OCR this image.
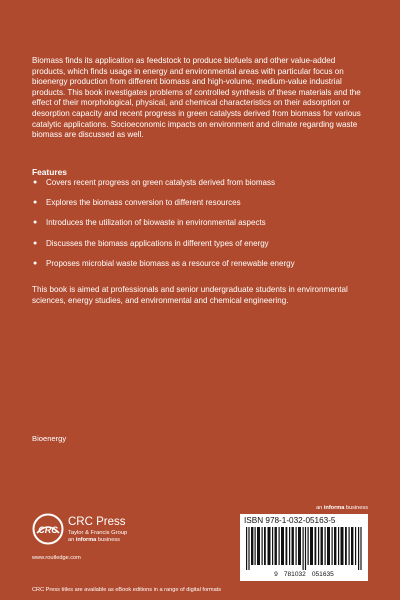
Biomass finds its application as feedstock to produce biofuels and other value-added products, which finds usage in energy and environmental areas with particular focus on bioenergy production from different biomass and high-volume, medium-value industrial products. This book investigates problems of controlled synthesis of these materials and the effect of their morphological, physical, and chemical characteristics on their adsorption or desorption capacity and recent progress in green catalysts derived from biomass for various catalytic applications. Socioeconomic impacts on environment and climate regarding waste biomass are discussed as well.

Features

● Covers recent progress on green catalysts derived from biomass
● Explores the biomass conversion to different resources
● Introduces the utilization of biowaste in environmental aspects
● Discusses the biomass applications in different types of energy
● Proposes microbial waste biomass as a resource of renewable energy

This book is aimed at professionals and senior undergraduate students in environmental sciences, energy studies, and environmental and chemical engineering.

Bioenergy

an informa business

ISBN 978-1-032-05163-5
9 781032 051635
CRC

CRC Press

Taylor & Francis Group

an informa business

www.routledge.com

CRC Press titles are available as eBook editions in a range of digital formats
